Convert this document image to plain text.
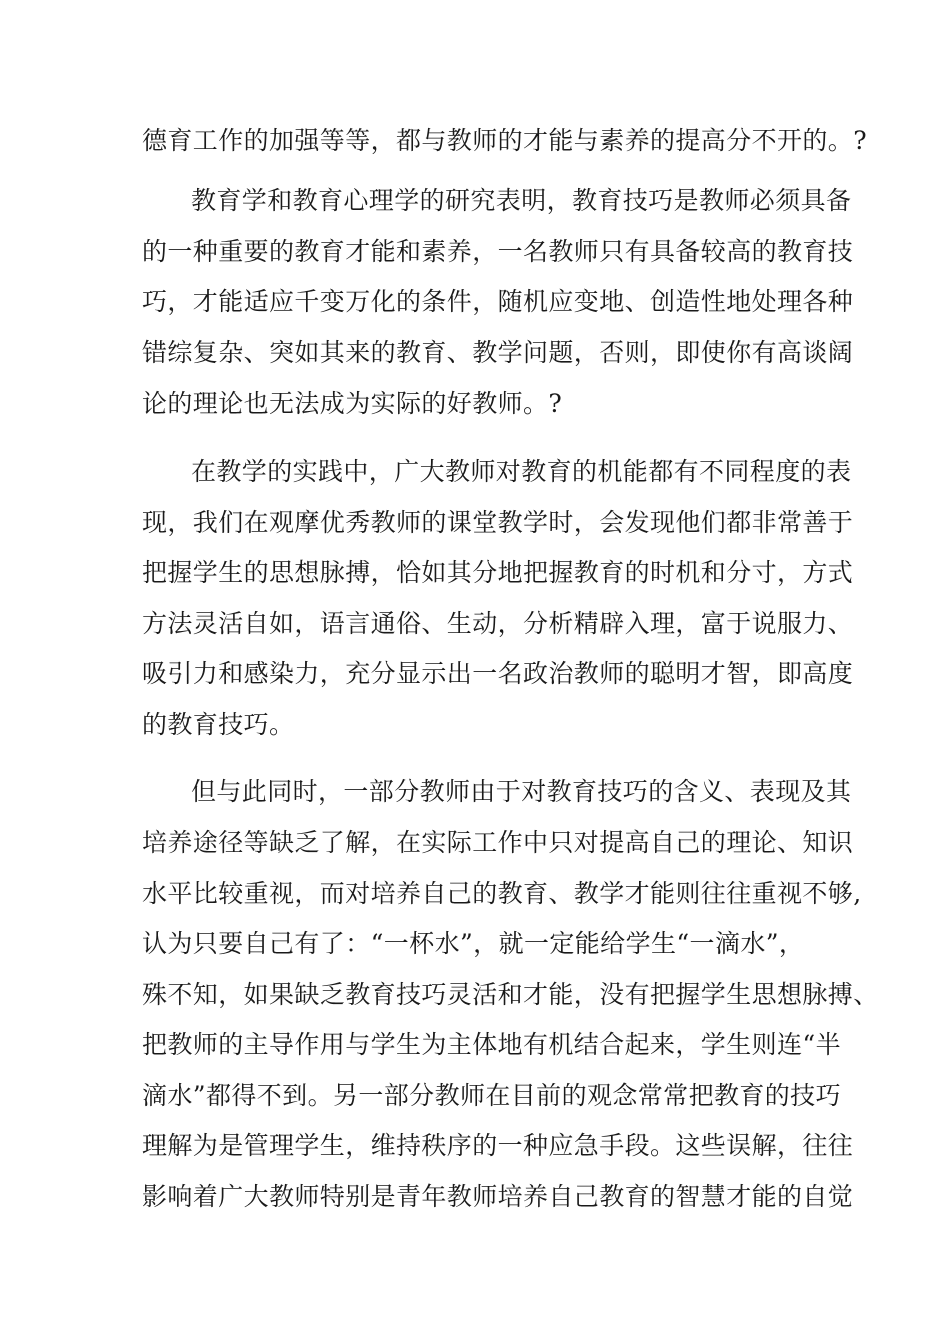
德育工作的加强等等，都与教师的才能与素养的提高分不开的。?

教育学和教育心理学的研究表明，教育技巧是教师必须具备

的一种重要的教育才能和素养，一名教师只有具备较高的教育技

巧，才能适应千变万化的条件，随机应变地、创造性地处理各种

错综复杂、突如其来的教育、教学问题，否则，即使你有高谈阔

论的理论也无法成为实际的好教师。?

在教学的实践中，广大教师对教育的机能都有不同程度的表

现，我们在观摩优秀教师的课堂教学时，会发现他们都非常善于

把握学生的思想脉搏，恰如其分地把握教育的时机和分寸，方式

方法灵活自如，语言通俗、生动，分析精辟入理，富于说服力、

吸引力和感染力，充分显示出一名政治教师的聪明才智，即高度

的教育技巧。

但与此同时，一部分教师由于对教育技巧的含义、表现及其

培养途径等缺乏了解，在实际工作中只对提高自己的理论、知识

水平比较重视，而对培养自己的教育、教学才能则往往重视不够,

认为只要自己有了：“一杯水”，就一定能给学生“一滴水”，

殊不知，如果缺乏教育技巧灵活和才能，没有把握学生思想脉搏、

把教师的主导作用与学生为主体地有机结合起来，学生则连“半

滴水”都得不到。另一部分教师在目前的观念常常把教育的技巧

理解为是管理学生，维持秩序的一种应急手段。这些误解，往往

影响着广大教师特别是青年教师培养自己教育的智慧才能的自觉
